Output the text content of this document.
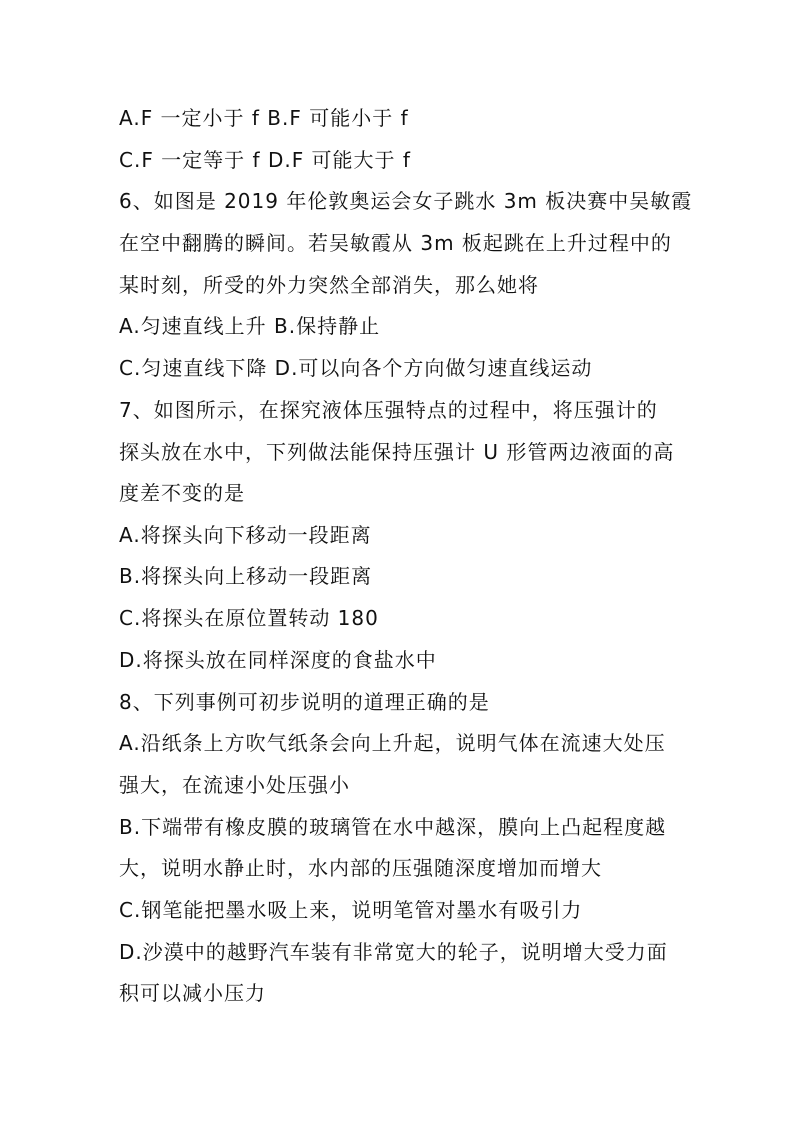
A.F 一定小于 f B.F 可能小于 f
C.F 一定等于 f D.F 可能大于 f
6、如图是 2019 年伦敦奥运会女子跳水 3m 板决赛中吴敏霞
在空中翻腾的瞬间。若吴敏霞从 3m 板起跳在上升过程中的
某时刻，所受的外力突然全部消失，那么她将
A.匀速直线上升 B.保持静止
C.匀速直线下降 D.可以向各个方向做匀速直线运动
7、如图所示，在探究液体压强特点的过程中，将压强计的
探头放在水中，下列做法能保持压强计 U 形管两边液面的高
度差不变的是
A.将探头向下移动一段距离
B.将探头向上移动一段距离
C.将探头在原位置转动 180
D.将探头放在同样深度的食盐水中
8、下列事例可初步说明的道理正确的是
A.沿纸条上方吹气纸条会向上升起，说明气体在流速大处压
强大，在流速小处压强小
B.下端带有橡皮膜的玻璃管在水中越深，膜向上凸起程度越
大，说明水静止时，水内部的压强随深度增加而增大
C.钢笔能把墨水吸上来，说明笔管对墨水有吸引力
D.沙漠中的越野汽车装有非常宽大的轮子，说明增大受力面
积可以减小压力
